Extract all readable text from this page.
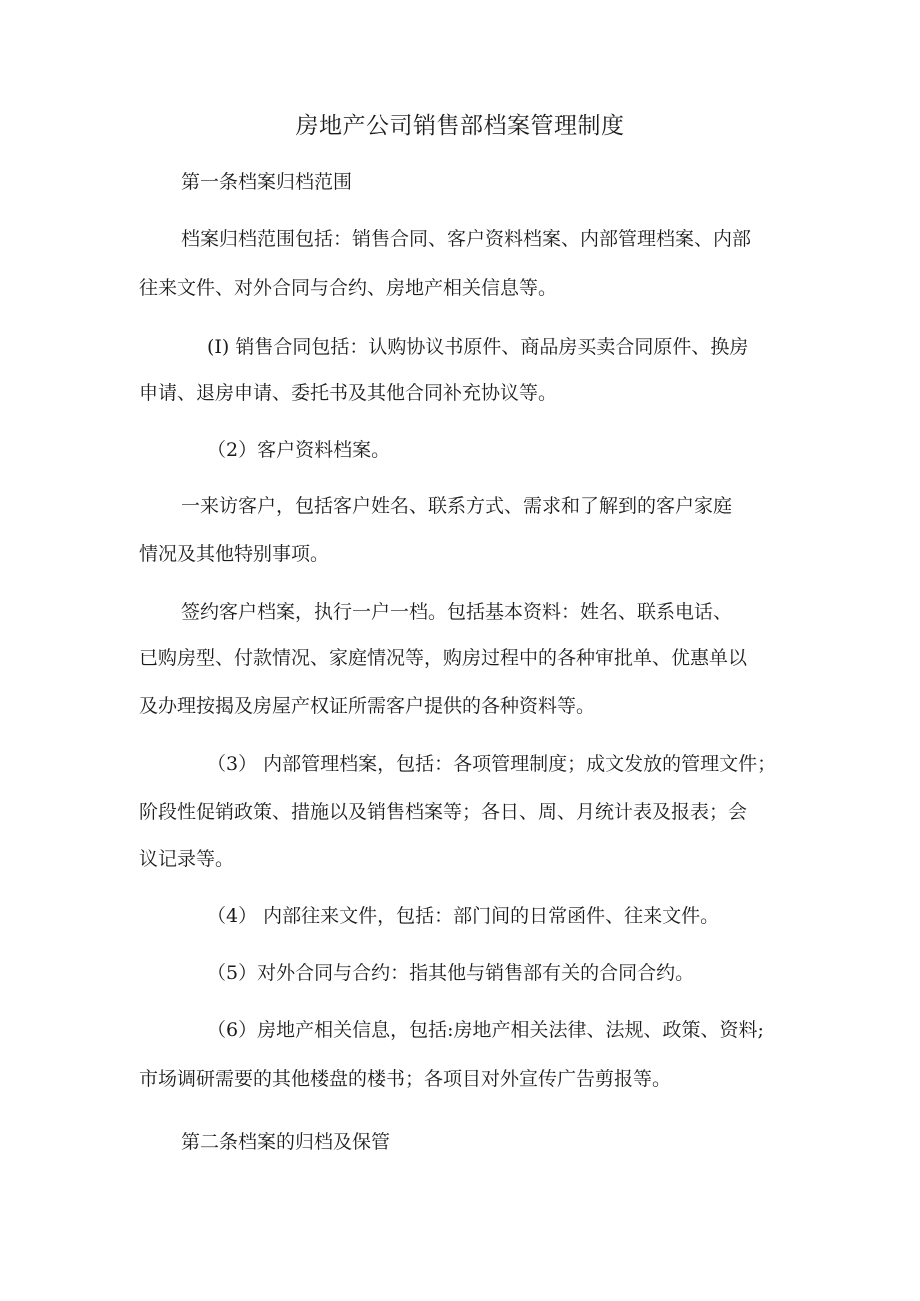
房地产公司销售部档案管理制度
第一条档案归档范围
档案归档范围包括：销售合同、客户资料档案、内部管理档案、内部
往来文件、对外合同与合约、房地产相关信息等。
(I) 销售合同包括：认购协议书原件、商品房买卖合同原件、换房
申请、退房申请、委托书及其他合同补充协议等。
（2）客户资料档案。
一来访客户，包括客户姓名、联系方式、需求和了解到的客户家庭
情况及其他特别事项。
签约客户档案，执行一户一档。包括基本资料：姓名、联系电话、
已购房型、付款情况、家庭情况等，购房过程中的各种审批单、优惠单以
及办理按揭及房屋产权证所需客户提供的各种资料等。
（3） 内部管理档案，包括：各项管理制度；成文发放的管理文件；
阶段性促销政策、措施以及销售档案等；各日、周、月统计表及报表；会
议记录等。
（4） 内部往来文件，包括：部门间的日常函件、往来文件。
（5）对外合同与合约：指其他与销售部有关的合同合约。
（6）房地产相关信息，包括:房地产相关法律、法规、政策、资料;
市场调研需要的其他楼盘的楼书；各项目对外宣传广告剪报等。
第二条档案的归档及保管
